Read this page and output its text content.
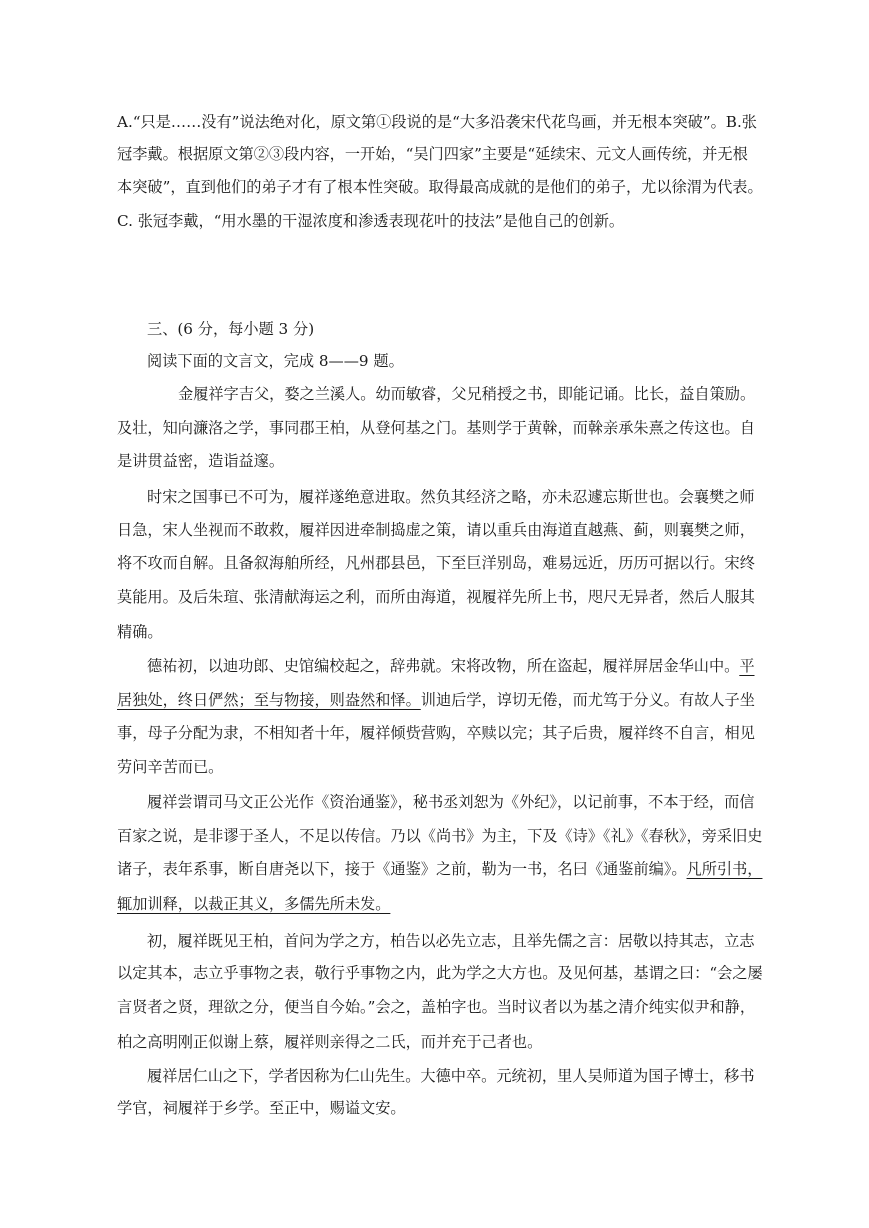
A.“只是……没有”说法绝对化，原文第①段说的是“大多沿袭宋代花鸟画，并无根本突破”。B.张
冠李戴。根据原文第②③段内容，一开始，“吴门四家”主要是“延续宋、元文人画传统，并无根
本突破”，直到他们的弟子才有了根本性突破。取得最高成就的是他们的弟子，尤以徐渭为代表。
C. 张冠李戴，“用水墨的干湿浓度和渗透表现花叶的技法”是他自己的创新。
三、(6 分，每小题 3 分)
阅读下面的文言文，完成 8——9 题。
金履祥字吉父，婺之兰溪人。幼而敏睿，父兄稍授之书，即能记诵。比长，益自策励。
及壮，知向濂洛之学，事同郡王柏，从登何基之门。基则学于黄榦，而榦亲承朱熹之传这也。自
是讲贯益密，造诣益邃。
时宋之国事已不可为，履祥遂绝意进取。然负其经济之略，亦未忍遽忘斯世也。会襄樊之师
日急，宋人坐视而不敢救，履祥因进牵制捣虚之策，请以重兵由海道直越燕、蓟，则襄樊之师，
将不攻而自解。且备叙海舶所经，凡州郡县邑，下至巨洋别岛，难易远近，历历可据以行。宋终
莫能用。及后朱瑄、张清献海运之利，而所由海道，视履祥先所上书，咫尺无异者，然后人服其
精确。
德祐初，以迪功郎、史馆编校起之，辞弗就。宋将改物，所在盗起，履祥屏居金华山中。平
居独处，终日俨然；至与物接，则盎然和怿。训迪后学，谆切无倦，而尤笃于分义。有故人子坐
事，母子分配为隶，不相知者十年，履祥倾赀营购，卒赎以完；其子后贵，履祥终不自言，相见
劳问辛苦而已。
履祥尝谓司马文正公光作《资治通鉴》，秘书丞刘恕为《外纪》，以记前事，不本于经，而信
百家之说，是非谬于圣人，不足以传信。乃以《尚书》为主，下及《诗》《礼》《春秋》，旁采旧史
诸子，表年系事，断自唐尧以下，接于《通鉴》之前，勒为一书，名曰《通鉴前编》。凡所引书，
辄加训释，以裁正其义，多儒先所未发。
初，履祥既见王柏，首问为学之方，柏告以必先立志，且举先儒之言：居敬以持其志，立志
以定其本，志立乎事物之表，敬行乎事物之内，此为学之大方也。及见何基，基谓之曰：“会之屡
言贤者之贤，理欲之分，便当自今始。”会之，盖柏字也。当时议者以为基之清介纯实似尹和静，
柏之高明刚正似谢上蔡，履祥则亲得之二氏，而并充于己者也。
履祥居仁山之下，学者因称为仁山先生。大德中卒。元统初，里人吴师道为国子博士，移书
学官，祠履祥于乡学。至正中，赐谥文安。
